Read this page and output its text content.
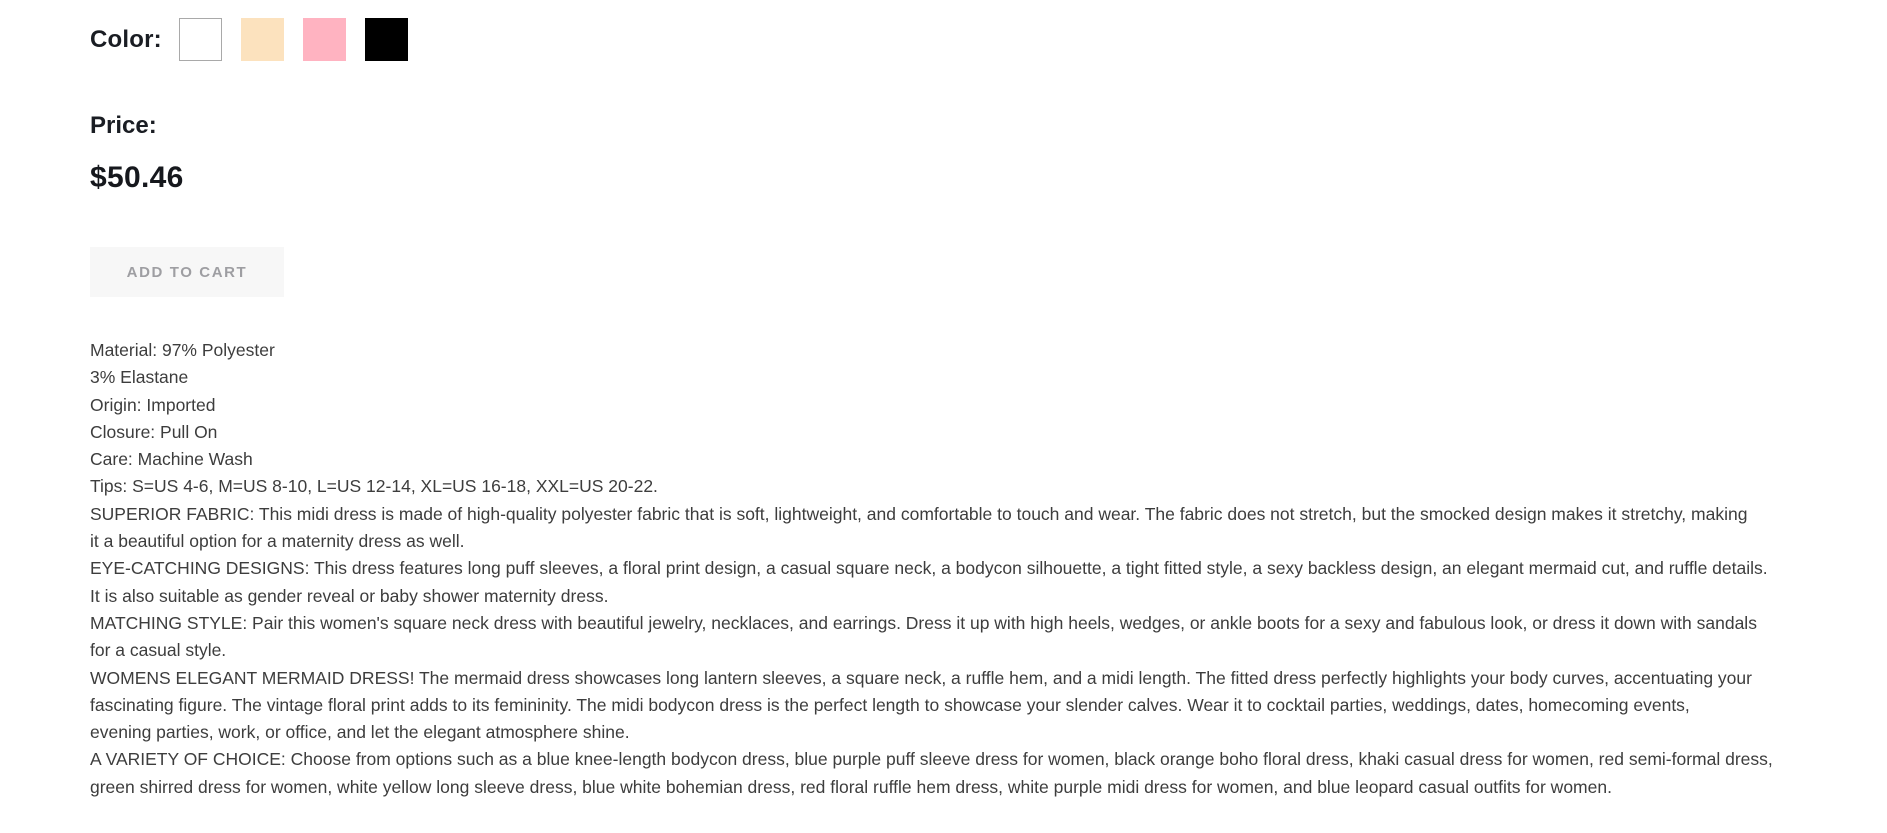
Color:
Price:
$50.46
ADD TO CART
Material: 97% Polyester
3% Elastane
Origin: Imported
Closure: Pull On
Care: Machine Wash
Tips: S=US 4-6, M=US 8-10, L=US 12-14, XL=US 16-18, XXL=US 20-22.
SUPERIOR FABRIC: This midi dress is made of high-quality polyester fabric that is soft, lightweight, and comfortable to touch and wear. The fabric does not stretch, but the smocked design makes it stretchy, making
it a beautiful option for a maternity dress as well.
EYE-CATCHING DESIGNS: This dress features long puff sleeves, a floral print design, a casual square neck, a bodycon silhouette, a tight fitted style, a sexy backless design, an elegant mermaid cut, and ruffle details.
It is also suitable as gender reveal or baby shower maternity dress.
MATCHING STYLE: Pair this women's square neck dress with beautiful jewelry, necklaces, and earrings. Dress it up with high heels, wedges, or ankle boots for a sexy and fabulous look, or dress it down with sandals
for a casual style.
WOMENS ELEGANT MERMAID DRESS! The mermaid dress showcases long lantern sleeves, a square neck, a ruffle hem, and a midi length. The fitted dress perfectly highlights your body curves, accentuating your
fascinating figure. The vintage floral print adds to its femininity. The midi bodycon dress is the perfect length to showcase your slender calves. Wear it to cocktail parties, weddings, dates, homecoming events,
evening parties, work, or office, and let the elegant atmosphere shine.
A VARIETY OF CHOICE: Choose from options such as a blue knee-length bodycon dress, blue purple puff sleeve dress for women, black orange boho floral dress, khaki casual dress for women, red semi-formal dress,
green shirred dress for women, white yellow long sleeve dress, blue white bohemian dress, red floral ruffle hem dress, white purple midi dress for women, and blue leopard casual outfits for women.
